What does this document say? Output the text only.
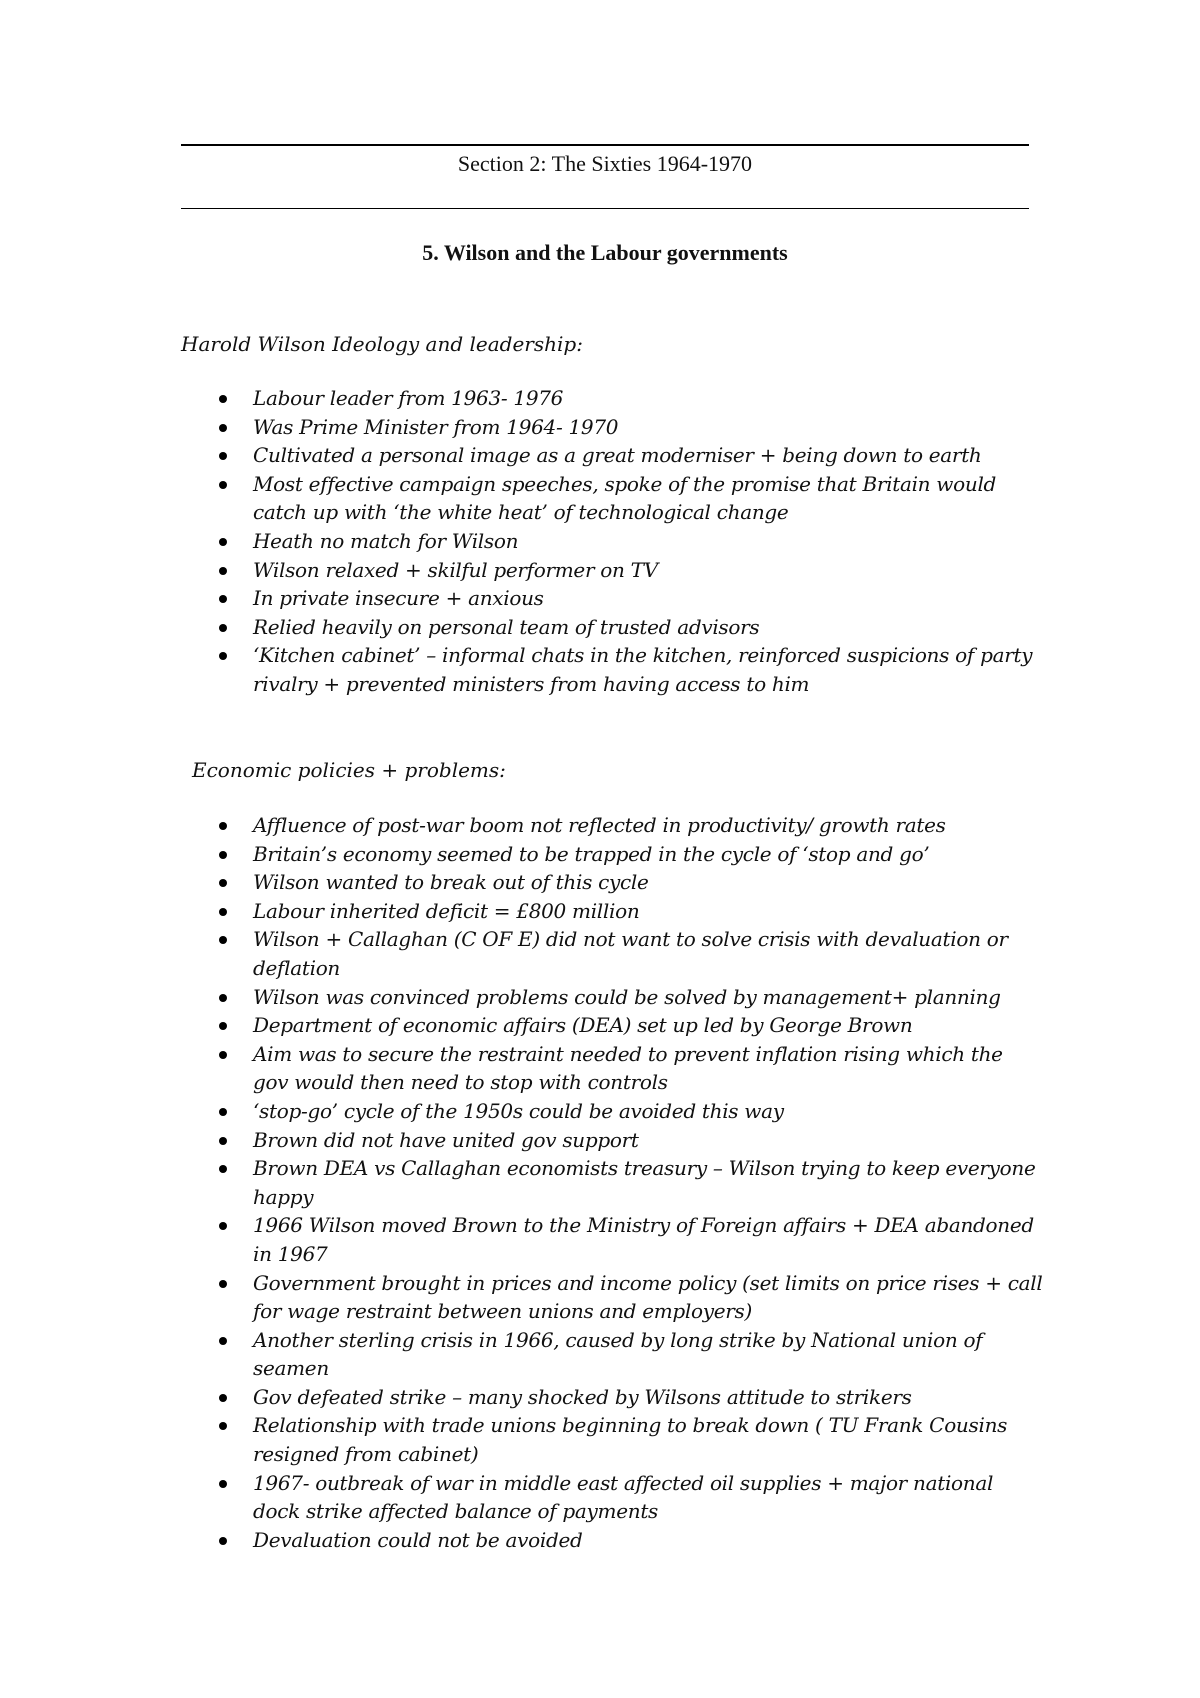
Section 2: The Sixties 1964-1970
5. Wilson and the Labour governments
Harold Wilson Ideology and leadership:
Labour leader from 1963- 1976
Was Prime Minister from 1964- 1970
Cultivated a personal image as a great moderniser + being down to earth
Most effective campaign speeches, spoke of the promise that Britain would catch up with ‘the white heat’ of technological change
Heath no match for Wilson
Wilson relaxed + skilful performer on TV
In private insecure + anxious
Relied heavily on personal team of trusted advisors
‘Kitchen cabinet’ – informal chats in the kitchen, reinforced suspicions of party rivalry + prevented ministers from having access to him
Economic policies + problems:
Affluence of post-war boom not reflected in productivity/ growth rates
Britain’s economy seemed to be trapped in the cycle of ‘stop and go’
Wilson wanted to break out of this cycle
Labour inherited deficit = £800 million
Wilson + Callaghan (C OF E) did not want to solve crisis with devaluation or deflation
Wilson was convinced problems could be solved by management+ planning
Department of economic affairs (DEA) set up led by George Brown
Aim was to secure the restraint needed to prevent inflation rising which the gov would then need to stop with controls
‘stop-go’ cycle of the 1950s could be avoided this way
Brown did not have united gov support
Brown DEA vs Callaghan economists treasury – Wilson trying to keep everyone happy
1966 Wilson moved Brown to the Ministry of Foreign affairs + DEA abandoned in 1967
Government brought in prices and income policy (set limits on price rises + call for wage restraint between unions and employers)
Another sterling crisis in 1966, caused by long strike by National union of seamen
Gov defeated strike – many shocked by Wilsons attitude to strikers
Relationship with trade unions beginning to break down ( TU Frank Cousins resigned from cabinet)
1967- outbreak of war in middle east affected oil supplies + major national dock strike affected balance of payments
Devaluation could not be avoided
